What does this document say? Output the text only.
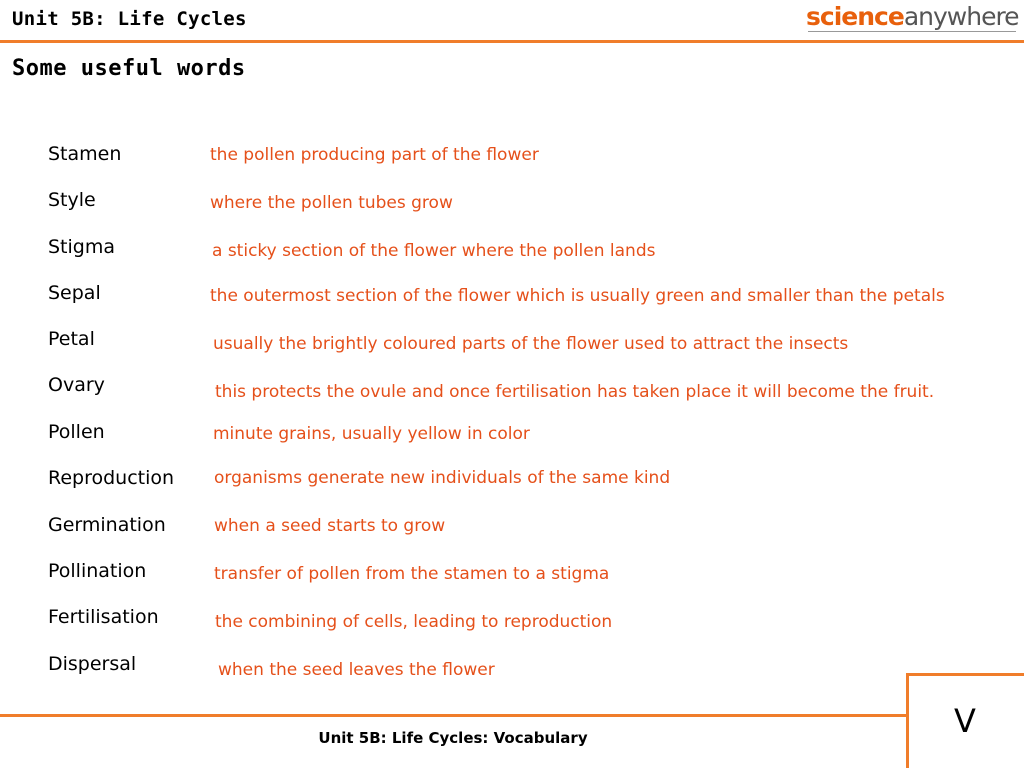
Unit 5B: Life Cycles	scienceanywhere
Some useful words
Stamen	the pollen producing part of the flower
Style	where the pollen tubes grow
Stigma	a sticky section of the flower where the pollen lands
Sepal	the outermost section of the flower which is usually green and smaller than the petals
Petal	usually the brightly coloured parts of the flower used to attract the insects
Ovary	this protects the ovule and once fertilisation has taken place it will become the fruit.
Pollen	minute grains, usually yellow in color
Reproduction organisms generate new individuals of the same kind
Germination	when a seed starts to grow
Pollination	transfer of pollen from the stamen to a stigma
Fertilisation	the combining of cells, leading to reproduction
Dispersal	when the seed leaves the flower
V
Unit 5B: Life Cycles: Vocabulary
